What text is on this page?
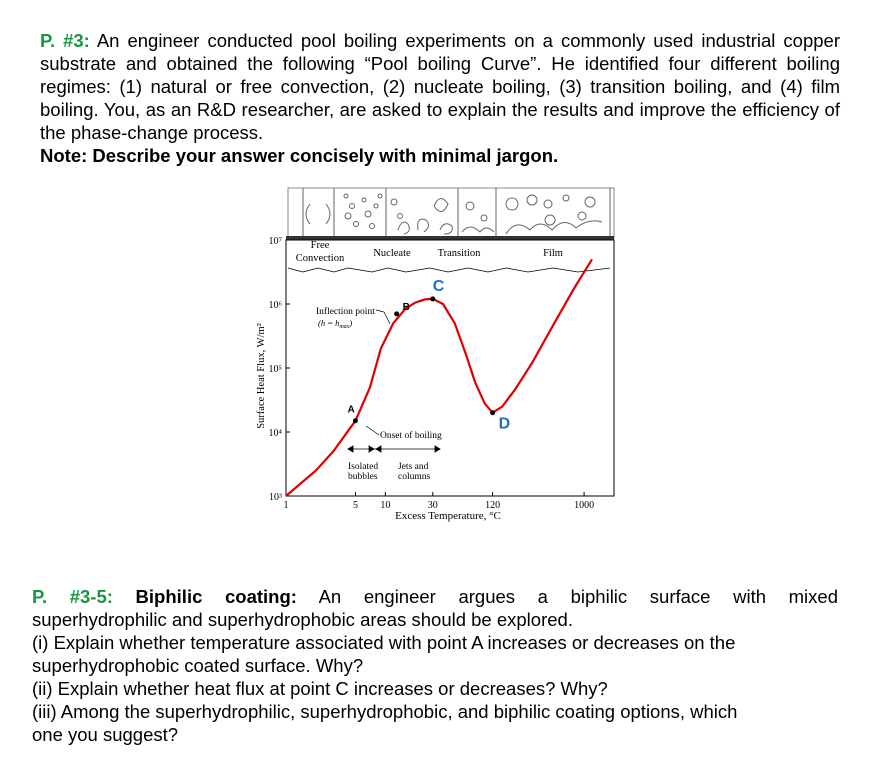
P. #3: An engineer conducted pool boiling experiments on a commonly used industrial copper substrate and obtained the following “Pool boiling Curve”. He identified four different boiling regimes: (1) natural or free convection, (2) nucleate boiling, (3) transition boiling, and (4) film boiling. You, as an R&D researcher, are asked to explain the results and improve the efficiency of the phase-change process.
Note: Describe your answer concisely with minimal jargon.
Free
Convection	Nucleate	Transition	Film
Surface Heat Flux, W/m²
Excess Temperature, °C
10³
10⁴
10⁵
10⁶
10⁷
1	5 10	30	120	1000
A
B
C
D
Inflection point
$(h = h_{max})$
Onset of boiling
Isolated
bubbles
Jets and
columns
P. #3-5: Biphilic coating: An engineer argues a biphilic surface with mixed
superhydrophilic and superhydrophobic areas should be explored.
(i) Explain whether temperature associated with point A increases or decreases on the
superhydrophobic coated surface. Why?
(ii) Explain whether heat flux at point C increases or decreases? Why?
(iii) Among the superhydrophilic, superhydrophobic, and biphilic coating options, which
one you suggest?
